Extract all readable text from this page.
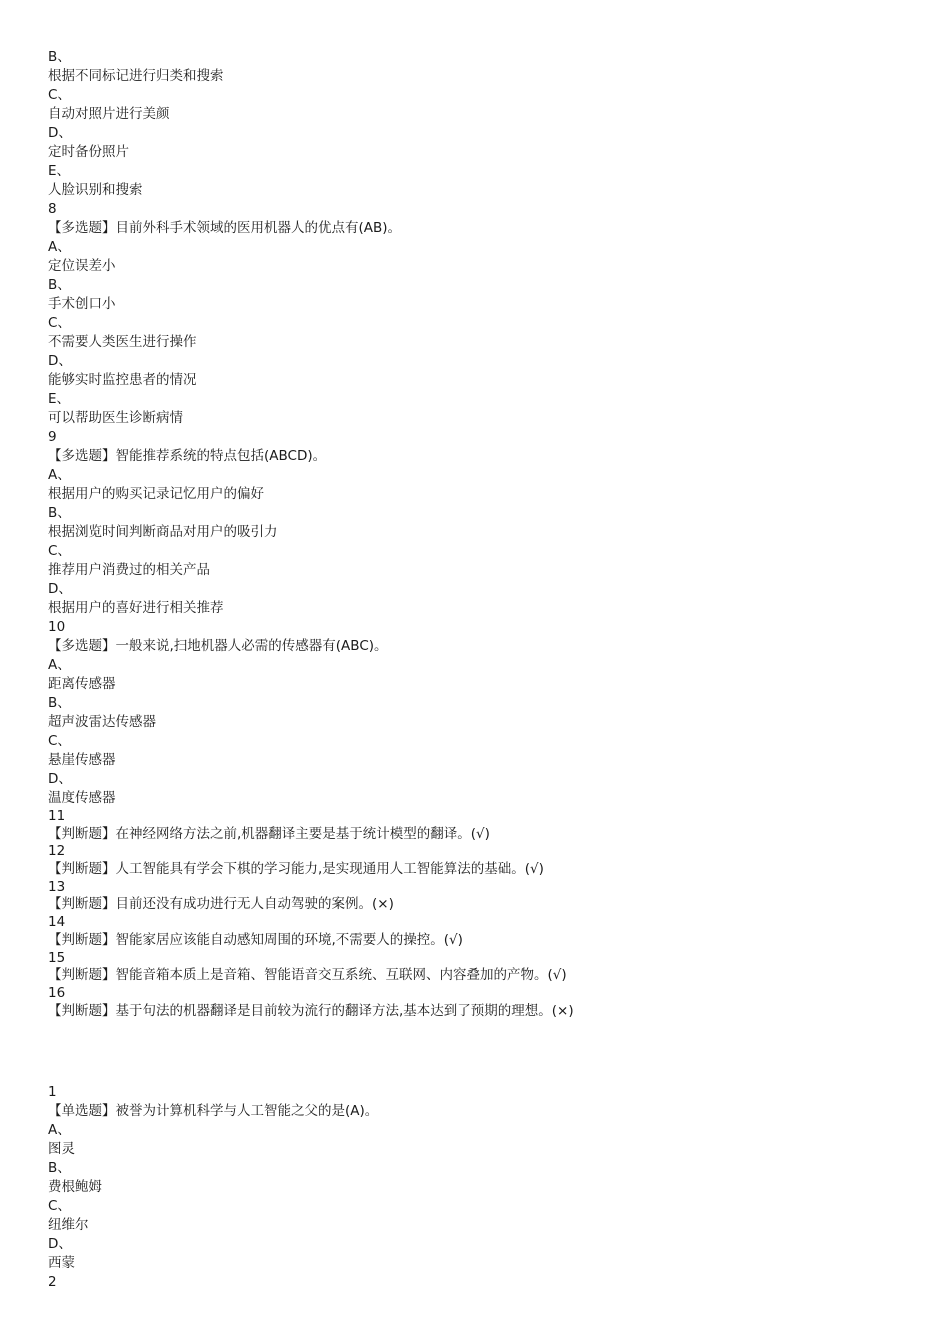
B、
根据不同标记进行归类和搜索
C、
自动对照片进行美颜
D、
定时备份照片
E、
人脸识别和搜索
8
【多选题】目前外科手术领域的医用机器人的优点有(AB)。
A、
定位误差小
B、
手术创口小
C、
不需要人类医生进行操作
D、
能够实时监控患者的情况
E、
可以帮助医生诊断病情
9
【多选题】智能推荐系统的特点包括(ABCD)。
A、
根据用户的购买记录记忆用户的偏好
B、
根据浏览时间判断商品对用户的吸引力
C、
推荐用户消费过的相关产品
D、
根据用户的喜好进行相关推荐
10
【多选题】一般来说,扫地机器人必需的传感器有(ABC)。
A、
距离传感器
B、
超声波雷达传感器
C、
悬崖传感器
D、
温度传感器
11
【判断题】在神经网络方法之前,机器翻译主要是基于统计模型的翻译。(√)
12
【判断题】人工智能具有学会下棋的学习能力,是实现通用人工智能算法的基础。(√)
13
【判断题】目前还没有成功进行无人自动驾驶的案例。(×)
14
【判断题】智能家居应该能自动感知周围的环境,不需要人的操控。(√)
15
【判断题】智能音箱本质上是音箱、智能语音交互系统、互联网、内容叠加的产物。(√)
16
【判断题】基于句法的机器翻译是目前较为流行的翻译方法,基本达到了预期的理想。(×)
1
【单选题】被誉为计算机科学与人工智能之父的是(A)。
A、
图灵
B、
费根鲍姆
C、
纽维尔
D、
西蒙
2
